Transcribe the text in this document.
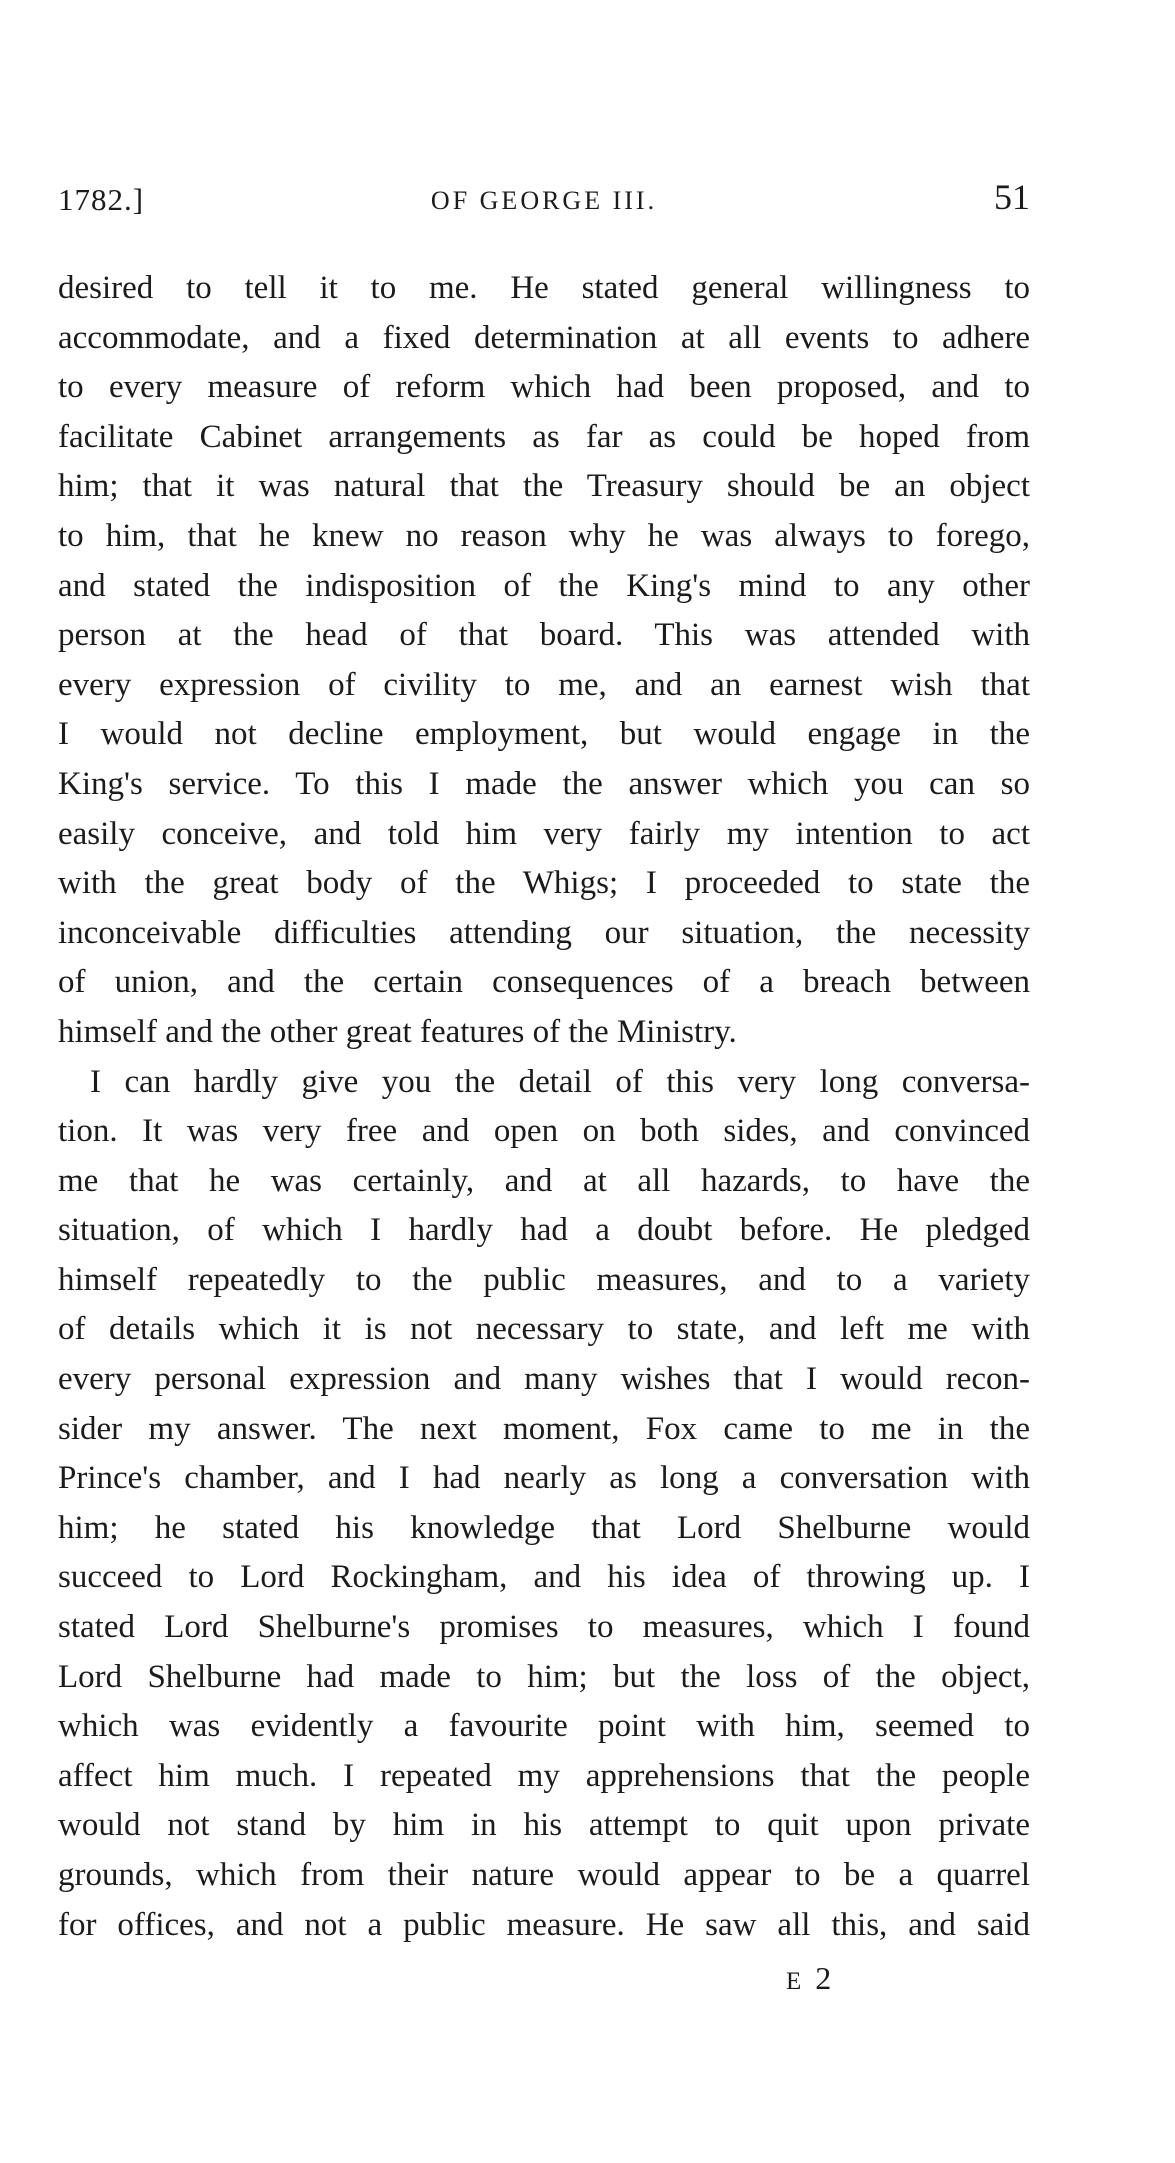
1782.]	OF GEORGE III.	51
desired to tell it to me. He stated general willingness to
accommodate, and a fixed determination at all events to adhere
to every measure of reform which had been proposed, and to
facilitate Cabinet arrangements as far as could be hoped from
him; that it was natural that the Treasury should be an object
to him, that he knew no reason why he was always to forego,
and stated the indisposition of the King's mind to any other
person at the head of that board. This was attended with
every expression of civility to me, and an earnest wish that
I would not decline employment, but would engage in the
King's service. To this I made the answer which you can so
easily conceive, and told him very fairly my intention to act
with the great body of the Whigs; I proceeded to state the
inconceivable difficulties attending our situation, the necessity
of union, and the certain consequences of a breach between
himself and the other great features of the Ministry.
I can hardly give you the detail of this very long conversa-
tion. It was very free and open on both sides, and convinced
me that he was certainly, and at all hazards, to have the
situation, of which I hardly had a doubt before. He pledged
himself repeatedly to the public measures, and to a variety
of details which it is not necessary to state, and left me with
every personal expression and many wishes that I would recon-
sider my answer. The next moment, Fox came to me in the
Prince's chamber, and I had nearly as long a conversation with
him; he stated his knowledge that Lord Shelburne would
succeed to Lord Rockingham, and his idea of throwing up. I
stated Lord Shelburne's promises to measures, which I found
Lord Shelburne had made to him; but the loss of the object,
which was evidently a favourite point with him, seemed to
affect him much. I repeated my apprehensions that the people
would not stand by him in his attempt to quit upon private
grounds, which from their nature would appear to be a quarrel
for offices, and not a public measure. He saw all this, and said
E 2
